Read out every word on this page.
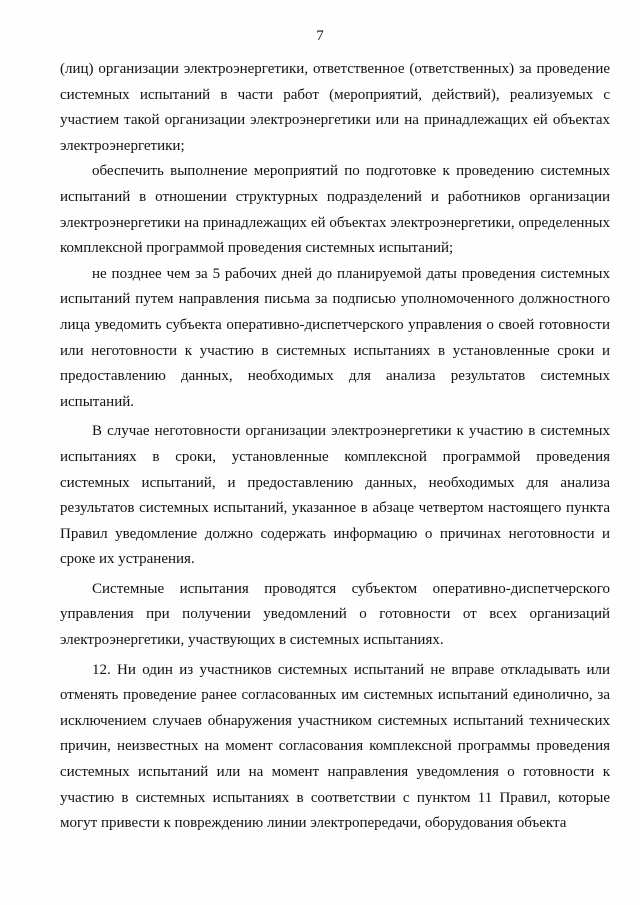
7

(лиц) организации электроэнергетики, ответственное (ответственных) за проведение системных испытаний в части работ (мероприятий, действий), реализуемых с участием такой организации электроэнергетики или на принадлежащих ей объектах электроэнергетики;

обеспечить выполнение мероприятий по подготовке к проведению системных испытаний в отношении структурных подразделений и работников организации электроэнергетики на принадлежащих ей объектах электроэнергетики, определенных комплексной программой проведения системных испытаний;

не позднее чем за 5 рабочих дней до планируемой даты проведения системных испытаний путем направления письма за подписью уполномоченного должностного лица уведомить субъекта оперативно-диспетчерского управления о своей готовности или неготовности к участию в системных испытаниях в установленные сроки и предоставлению данных, необходимых для анализа результатов системных испытаний.

В случае неготовности организации электроэнергетики к участию в системных испытаниях в сроки, установленные комплексной программой проведения системных испытаний, и предоставлению данных, необходимых для анализа результатов системных испытаний, указанное в абзаце четвертом настоящего пункта Правил уведомление должно содержать информацию о причинах неготовности и сроке их устранения.

Системные испытания проводятся субъектом оперативно-диспетчерского управления при получении уведомлений о готовности от всех организаций электроэнергетики, участвующих в системных испытаниях.

12. Ни один из участников системных испытаний не вправе откладывать или отменять проведение ранее согласованных им системных испытаний единолично, за исключением случаев обнаружения участником системных испытаний технических причин, неизвестных на момент согласования комплексной программы проведения системных испытаний или на момент направления уведомления о готовности к участию в системных испытаниях в соответствии с пунктом 11 Правил, которые могут привести к повреждению линии электропередачи, оборудования объекта
